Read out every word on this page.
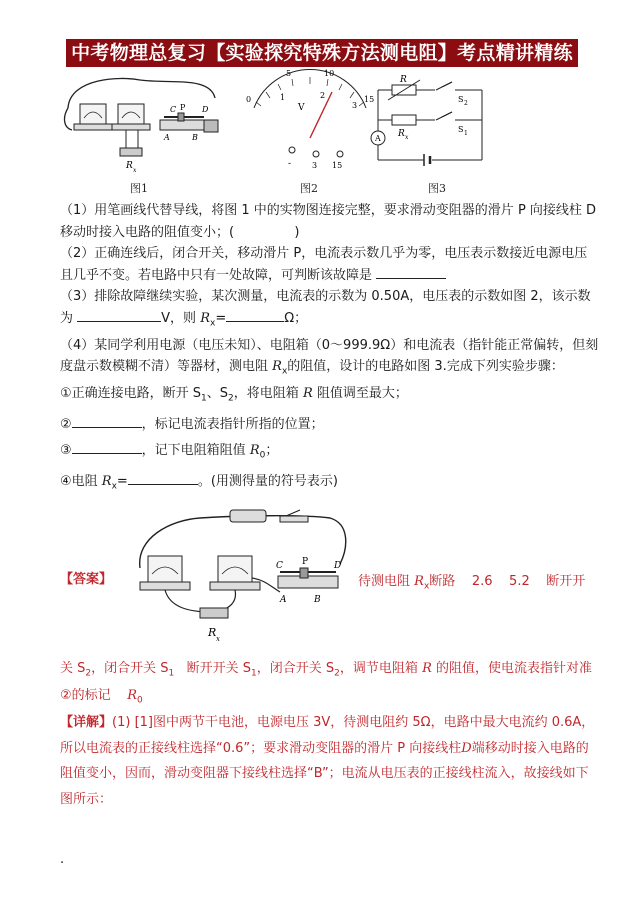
中考物理总复习【实验探究特殊方法测电阻】考点精讲精练
C P D
A	B
R x
图1
0
5	10
15
1	2
3
V
-	3 15
图2
A
R
R x
S 2
S 1
图3

（1）用笔画线代替导线，将图 1 中的实物图连接完整，要求滑动变阻器的滑片 P 向接线柱 D

移动时接入电路的阻值变小；(	)

（2）正确连线后，闭合开关，移动滑片 P，电流表示数几乎为零，电压表示数接近电源电压

且几乎不变。若电路中只有一处故障，可判断该故障是

（3）排除故障继续实验，某次测量，电流表的示数为 0.50A，电压表的示数如图 2，该示数

为	V，则 $R_x=$	Ω；

（4）某同学利用电源（电压未知）、电阻箱（0～999.9Ω）和电流表（指针能正常偏转，但刻

度盘示数模糊不清）等器材，测电阻 $R_x$的阻值，设计的电路如图 3.完成下列实验步骤：

①正确连接电路，断开 $S_1$、$S_2$，将电阻箱 R 阻值调至最大；

②	，标记电流表指针所指的位置；

③	，记下电阻箱阻值 $R_0$；

④电阻 $R_x=$	。(用测得量的符号表示)

【答案】
C P	D
A	B
R x
待测电阻 $R_x$断路 2.6 5.2 断开开

关 $S_2$，闭合开关 $S_1$ 断开开关 $S_1$，闭合开关 $S_2$，调节电阻箱 R 的阻值，使电流表指针对准

②的标记 $R_0$

【详解】(1) [1]图中两节干电池，电源电压 3V，待测电阻约 5Ω，电路中最大电流约 0.6A，

所以电流表的正接线柱选择“0.6”；要求滑动变阻器的滑片 P 向接线柱D端移动时接入电路的

阻值变小，因而，滑动变阻器下接线柱选择“B”；电流从电压表的正接线柱流入，故接线如下

图所示：

.
